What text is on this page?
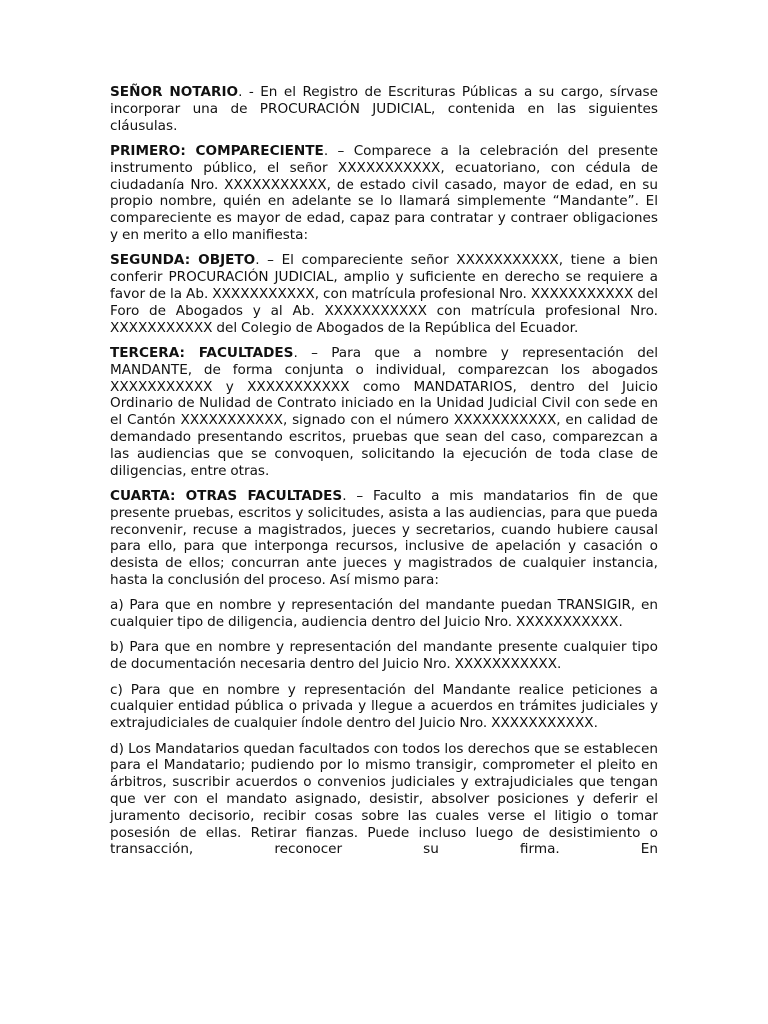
SEÑOR NOTARIO. - En el Registro de Escrituras Públicas a su cargo, sírvase incorporar una de PROCURACIÓN JUDICIAL, contenida en las siguientes cláusulas.

PRIMERO: COMPARECIENTE. – Comparece a la celebración del presente instrumento público, el señor XXXXXXXXXXX, ecuatoriano, con cédula de ciudadanía Nro. XXXXXXXXXXX, de estado civil casado, mayor de edad, en su propio nombre, quién en adelante se lo llamará simplemente “Mandante”. El compareciente es mayor de edad, capaz para contratar y contraer obligaciones y en merito a ello manifiesta:

SEGUNDA: OBJETO. – El compareciente señor XXXXXXXXXXX, tiene a bien conferir PROCURACIÓN JUDICIAL, amplio y suficiente en derecho se requiere a favor de la Ab. XXXXXXXXXXX, con matrícula profesional Nro. XXXXXXXXXXX del Foro de Abogados y al Ab. XXXXXXXXXXX con matrícula profesional Nro. XXXXXXXXXXX del Colegio de Abogados de la República del Ecuador.

TERCERA: FACULTADES. – Para que a nombre y representación del MANDANTE, de forma conjunta o individual, comparezcan los abogados XXXXXXXXXXX y XXXXXXXXXXX como MANDATARIOS, dentro del Juicio Ordinario de Nulidad de Contrato iniciado en la Unidad Judicial Civil con sede en el Cantón XXXXXXXXXXX, signado con el número XXXXXXXXXXX, en calidad de demandado presentando escritos, pruebas que sean del caso, comparezcan a las audiencias que se convoquen, solicitando la ejecución de toda clase de diligencias, entre otras.

CUARTA: OTRAS FACULTADES. – Faculto a mis mandatarios fin de que presente pruebas, escritos y solicitudes, asista a las audiencias, para que pueda reconvenir, recuse a magistrados, jueces y secretarios, cuando hubiere causal para ello, para que interponga recursos, inclusive de apelación y casación o desista de ellos; concurran ante jueces y magistrados de cualquier instancia, hasta la conclusión del proceso. Así mismo para:

a) Para que en nombre y representación del mandante puedan TRANSIGIR, en cualquier tipo de diligencia, audiencia dentro del Juicio Nro. XXXXXXXXXXX.

b) Para que en nombre y representación del mandante presente cualquier tipo de documentación necesaria dentro del Juicio Nro. XXXXXXXXXXX.

c) Para que en nombre y representación del Mandante realice peticiones a cualquier entidad pública o privada y llegue a acuerdos en trámites judiciales y extrajudiciales de cualquier índole dentro del Juicio Nro. XXXXXXXXXXX.

d) Los Mandatarios quedan facultados con todos los derechos que se establecen para el Mandatario; pudiendo por lo mismo transigir, comprometer el pleito en árbitros, suscribir acuerdos o convenios judiciales y extrajudiciales que tengan que ver con el mandato asignado, desistir, absolver posiciones y deferir el juramento decisorio, recibir cosas sobre las cuales verse el litigio o tomar posesión de ellas. Retirar fianzas. Puede incluso luego de desistimiento o transacción, reconocer su firma. En
